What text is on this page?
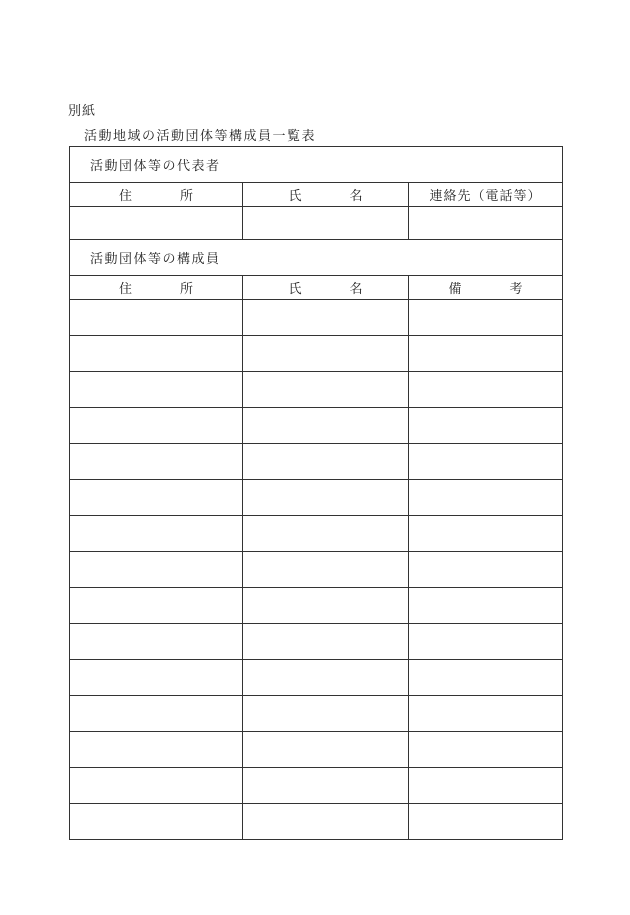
別紙
活動地域の活動団体等構成員一覧表
活動団体等の代表者		
住 所	氏 名	連絡先（電話等）

活動団体等の構成員		
住 所	氏 名	備 考
